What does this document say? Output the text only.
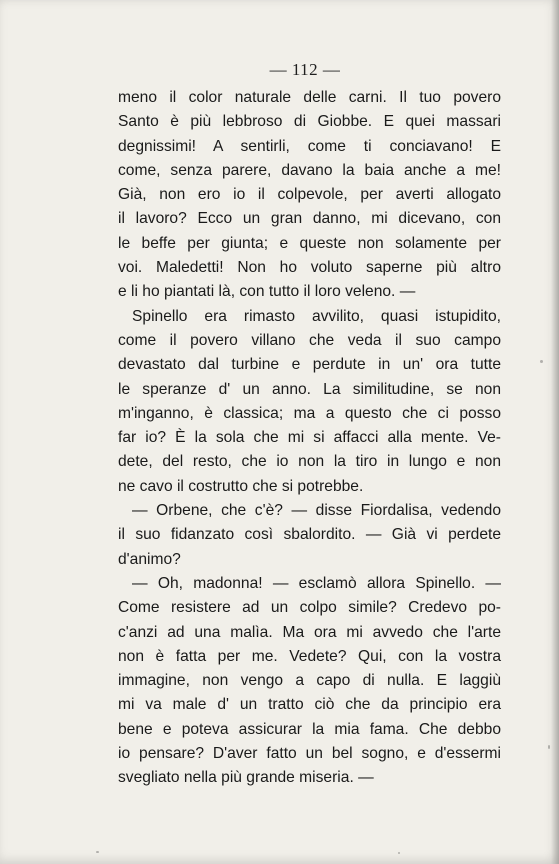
— 112 —
meno il color naturale delle carni. Il tuo povero
Santo è più lebbroso di Giobbe. E quei massari
degnissimi! A sentirli, come ti conciavano! E
come, senza parere, davano la baia anche a me!
Già, non ero io il colpevole, per averti allogato
il lavoro? Ecco un gran danno, mi dicevano, con
le beffe per giunta; e queste non solamente per
voi. Maledetti! Non ho voluto saperne più altro
e li ho piantati là, con tutto il loro veleno. —
Spinello era rimasto avvilito, quasi istupidito,
come il povero villano che veda il suo campo
devastato dal turbine e perdute in un' ora tutte
le speranze d' un anno. La similitudine, se non
m'inganno, è classica; ma a questo che ci posso
far io? È la sola che mi si affacci alla mente. Ve-
dete, del resto, che io non la tiro in lungo e non
ne cavo il costrutto che si potrebbe.
— Orbene, che c'è? — disse Fiordalisa, vedendo
il suo fidanzato così sbalordito. — Già vi perdete
d'animo?
— Oh, madonna! — esclamò allora Spinello. —
Come resistere ad un colpo simile? Credevo po-
c'anzi ad una malìa. Ma ora mi avvedo che l'arte
non è fatta per me. Vedete? Qui, con la vostra
immagine, non vengo a capo di nulla. E laggiù
mi va male d' un tratto ciò che da principio era
bene e poteva assicurar la mia fama. Che debbo
io pensare? D'aver fatto un bel sogno, e d'essermi
svegliato nella più grande miseria. —
